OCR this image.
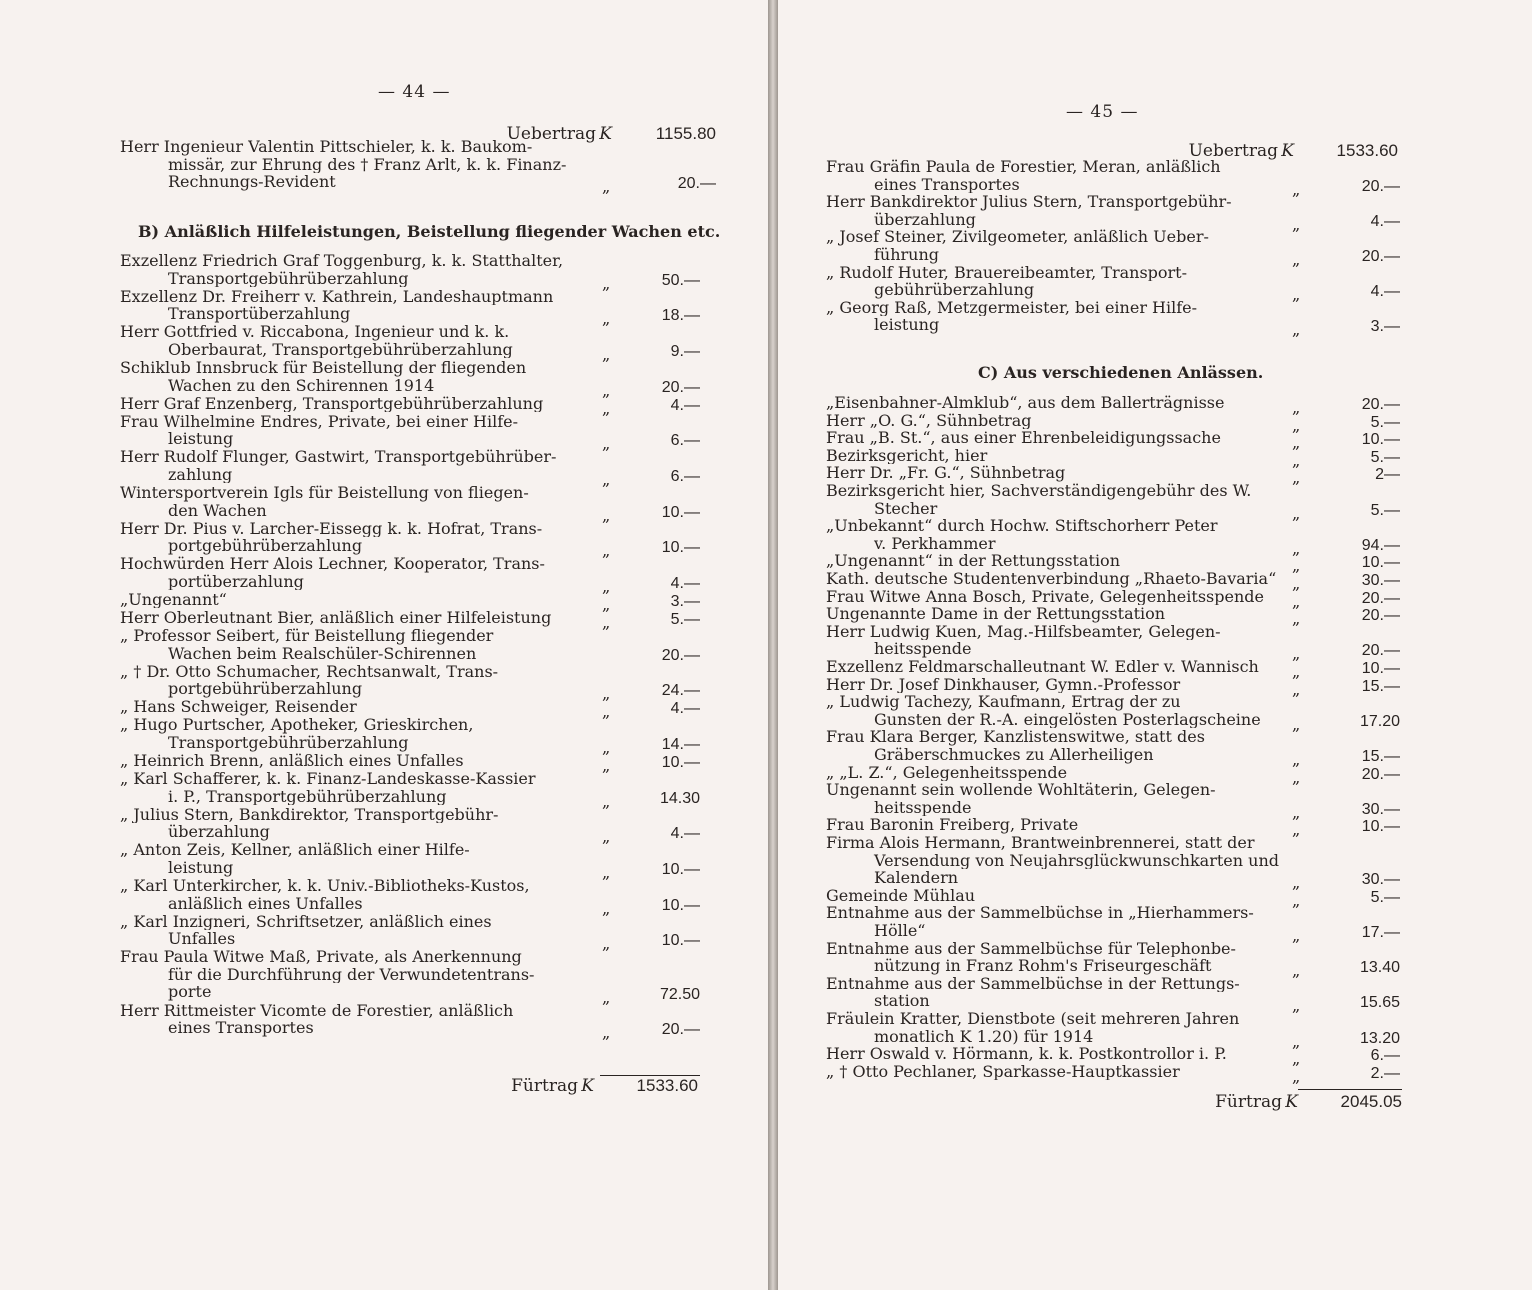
— 44 —
Uebertrag K	1155.80
Herr Ingenieur Valentin Pittschieler, k. k. Baukom-
missär, zur Ehrung des † Franz Arlt, k. k. Finanz-
Rechnungs-Revident	„	20.—
B) Anläßlich Hilfeleistungen, Beistellung fliegender Wachen etc.
Exzellenz Friedrich Graf Toggenburg, k. k. Statthalter,
Transportgebührüberzahlung	„	50.—
Exzellenz Dr. Freiherr v. Kathrein, Landeshauptmann
Transportüberzahlung	„	18.—
Herr Gottfried v. Riccabona, Ingenieur und k. k.
Oberbaurat, Transportgebührüberzahlung	„	9.—
Schiklub Innsbruck für Beistellung der fliegenden
Wachen zu den Schirennen 1914	„	20.—
Herr Graf Enzenberg, Transportgebührüberzahlung	„	4.—
Frau Wilhelmine Endres, Private, bei einer Hilfe-
leistung	„	6.—
Herr Rudolf Flunger, Gastwirt, Transportgebührüber-
zahlung	„	6.—
Wintersportverein Igls für Beistellung von fliegen-
den Wachen	„	10.—
Herr Dr. Pius v. Larcher-Eissegg k. k. Hofrat, Trans-
portgebührüberzahlung	„	10.—
Hochwürden Herr Alois Lechner, Kooperator, Trans-
portüberzahlung	„	4.—
„Ungenannt“	„	3.—
Herr Oberleutnant Bier, anläßlich einer Hilfeleistung	„	5.—
„ Professor Seibert, für Beistellung fliegender
Wachen beim Realschüler-Schirennen	20.—
„ † Dr. Otto Schumacher, Rechtsanwalt, Trans-
portgebührüberzahlung	„	24.—
„ Hans Schweiger, Reisender	„	4.—
„ Hugo Purtscher, Apotheker, Grieskirchen,
Transportgebührüberzahlung	„	14.—
„ Heinrich Brenn, anläßlich eines Unfalles	„	10.—
„ Karl Schafferer, k. k. Finanz-Landeskasse-Kassier
i. P., Transportgebührüberzahlung	„	14.30
„ Julius Stern, Bankdirektor, Transportgebühr-
überzahlung	„	4.—
„ Anton Zeis, Kellner, anläßlich einer Hilfe-
leistung	„	10.—
„ Karl Unterkircher, k. k. Univ.-Bibliotheks-Kustos,
anläßlich eines Unfalles	„	10.—
„ Karl Inzigneri, Schriftsetzer, anläßlich eines
Unfalles	„	10.—
Frau Paula Witwe Maß, Private, als Anerkennung
für die Durchführung der Verwundetentrans-
porte	„	72.50
Herr Rittmeister Vicomte de Forestier, anläßlich
eines Transportes	„	20.—
Fürtrag K	1533.60
— 45 —
Uebertrag K	1533.60
Frau Gräfin Paula de Forestier, Meran, anläßlich
eines Transportes	„	20.—
Herr Bankdirektor Julius Stern, Transportgebühr-
überzahlung	„	4.—
„ Josef Steiner, Zivilgeometer, anläßlich Ueber-
führung	„	20.—
„ Rudolf Huter, Brauereibeamter, Transport-
gebührüberzahlung	„	4.—
„ Georg Raß, Metzgermeister, bei einer Hilfe-
leistung	„	3.—
C) Aus verschiedenen Anlässen.
„Eisenbahner-Almklub“, aus dem Ballerträgnisse	„	20.—
Herr „O. G.“, Sühnbetrag	„	5.—
Frau „B. St.“, aus einer Ehrenbeleidigungssache	„	10.—
Bezirksgericht, hier	„	5.—
Herr Dr. „Fr. G.“, Sühnbetrag	„	2—
Bezirksgericht hier, Sachverständigengebühr des W.
Stecher	„	5.—
„Unbekannt“ durch Hochw. Stiftschorherr Peter
v. Perkhammer	„	94.—
„Ungenannt“ in der Rettungsstation	„	10.—
Kath. deutsche Studentenverbindung „Rhaeto-Bavaria“ „	30.—
Frau Witwe Anna Bosch, Private, Gelegenheitsspende	„	20.—
Ungenannte Dame in der Rettungsstation	„	20.—
Herr Ludwig Kuen, Mag.-Hilfsbeamter, Gelegen-
heitsspende	„	20.—
Exzellenz Feldmarschalleutnant W. Edler v. Wannisch	„	10.—
Herr Dr. Josef Dinkhauser, Gymn.-Professor	„	15.—
„ Ludwig Tachezy, Kaufmann, Ertrag der zu
Gunsten der R.-A. eingelösten Posterlagscheine	„	17.20
Frau Klara Berger, Kanzlistenswitwe, statt des
Gräberschmuckes zu Allerheiligen	„	15.—
„ „L. Z.“, Gelegenheitsspende	„	20.—
Ungenannt sein wollende Wohltäterin, Gelegen-
heitsspende	„	30.—
Frau Baronin Freiberg, Private	„	10.—
Firma Alois Hermann, Brantweinbrennerei, statt der
Versendung von Neujahrsglückwunschkarten und
Kalendern	„	30.—
Gemeinde Mühlau	„	5.—
Entnahme aus der Sammelbüchse in „Hierhammers-
Hölle“	„	17.—
Entnahme aus der Sammelbüchse für Telephonbe-
nützung in Franz Rohm's Friseurgeschäft	„	13.40
Entnahme aus der Sammelbüchse in der Rettungs-
station	„	15.65
Fräulein Kratter, Dienstbote (seit mehreren Jahren
monatlich K 1.20) für 1914	„	13.20
Herr Oswald v. Hörmann, k. k. Postkontrollor i. P.	„	6.—
„ † Otto Pechlaner, Sparkasse-Hauptkassier	„	2.—
Fürtrag K	2045.05
